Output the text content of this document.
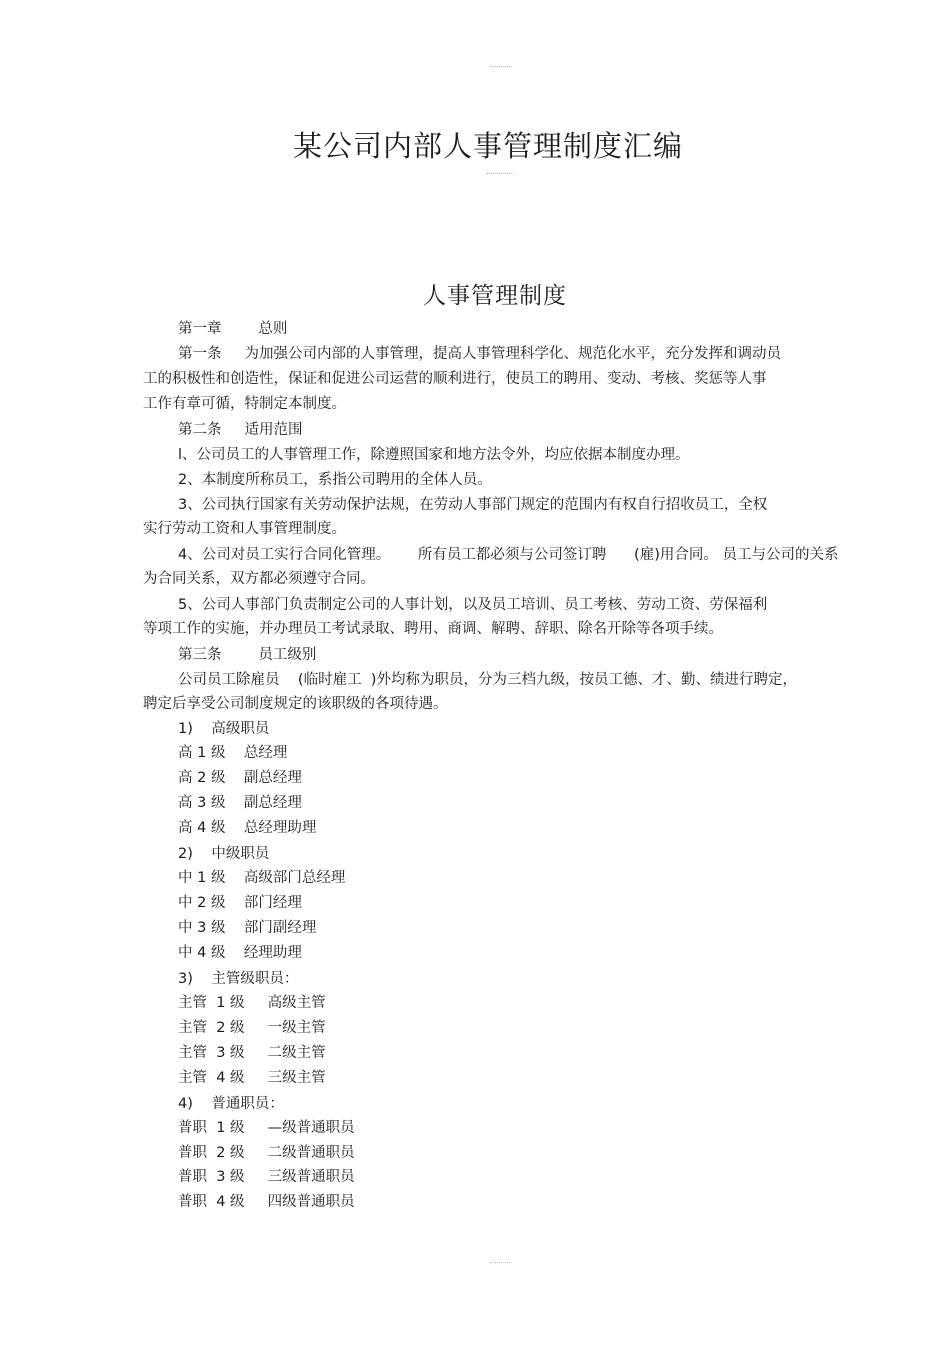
某公司内部人事管理制度汇编
人事管理制度
第一章        总则
第一条     为加强公司内部的人事管理，提高人事管理科学化、规范化水平，充分发挥和调动员
工的积极性和创造性，保证和促进公司运营的顺利进行，使员工的聘用、变动、考核、奖惩等人事
工作有章可循，特制定本制度。
第二条     适用范围
l、公司员工的人事管理工作，除遵照国家和地方法令外，均应依据本制度办理。
2、本制度所称员工，系指公司聘用的全体人员。
3、公司执行国家有关劳动保护法规，在劳动人事部门规定的范围内有权自行招收员工，全权
实行劳动工资和人事管理制度。
4、公司对员工实行合同化管理。      所有员工都必须与公司签订聘      (雇)用合同。 员工与公司的关系
为合同关系，双方都必须遵守合同。
5、公司人事部门负责制定公司的人事计划，以及员工培训、员工考核、劳动工资、劳保福利
等项工作的实施，并办理员工考试录取、聘用、商调、解聘、辞职、除名开除等各项手续。
第三条        员工级别
公司员工除雇员    (临时雇工  )外均称为职员，分为三档九级，按员工德、才、勤、绩进行聘定，
聘定后享受公司制度规定的该职级的各项待遇。
1)    高级职员
高 1 级    总经理
高 2 级    副总经理
高 3 级    副总经理
高 4 级    总经理助理
2)    中级职员
中 1 级    高级部门总经理
中 2 级    部门经理
中 3 级    部门副经理
中 4 级    经理助理
3)    主管级职员：
主管  1 级     高级主管
主管  2 级     一级主管
主管  3 级     二级主管
主管  4 级     三级主管
4)    普通职员：
普职  1 级     —级普通职员
普职  2 级     二级普通职员
普职  3 级     三级普通职员
普职  4 级     四级普通职员
